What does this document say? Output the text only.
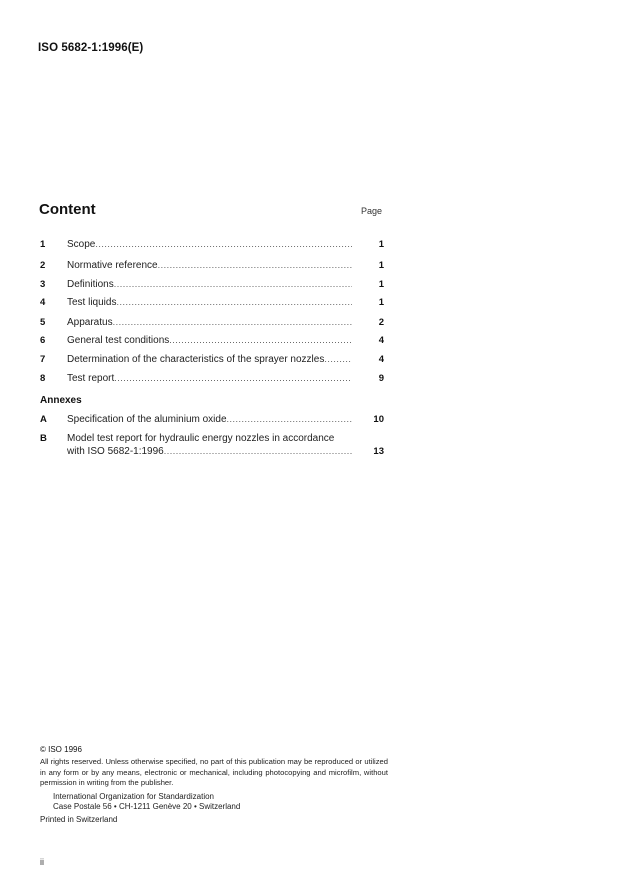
ISO 5682-1:1996(E)
Content	Page
1 Scope .....	1
2 Normative reference .....	1
3 Definitions .....	1
4 Test liquids .....	1
5 Apparatus .....	2
6 General test conditions .....	4
7 Determination of the characteristics of the sprayer nozzles .....	4
8 Test report .....	9
Annexes
A Specification of the aluminium oxide .....	10
B Model test report for hydraulic energy nozzles in accordance
with ISO 5682-1:1996 .....	13
© ISO 1996
All rights reserved. Unless otherwise specified, no part of this publication may be reproduced or utilized in any form or by any means, electronic or mechanical, including photocopying and microfilm, without permission in writing from the publisher.
International Organization for Standardization
Case Postale 56 • CH-1211 Genève 20 • Switzerland
Printed in Switzerland
ii
